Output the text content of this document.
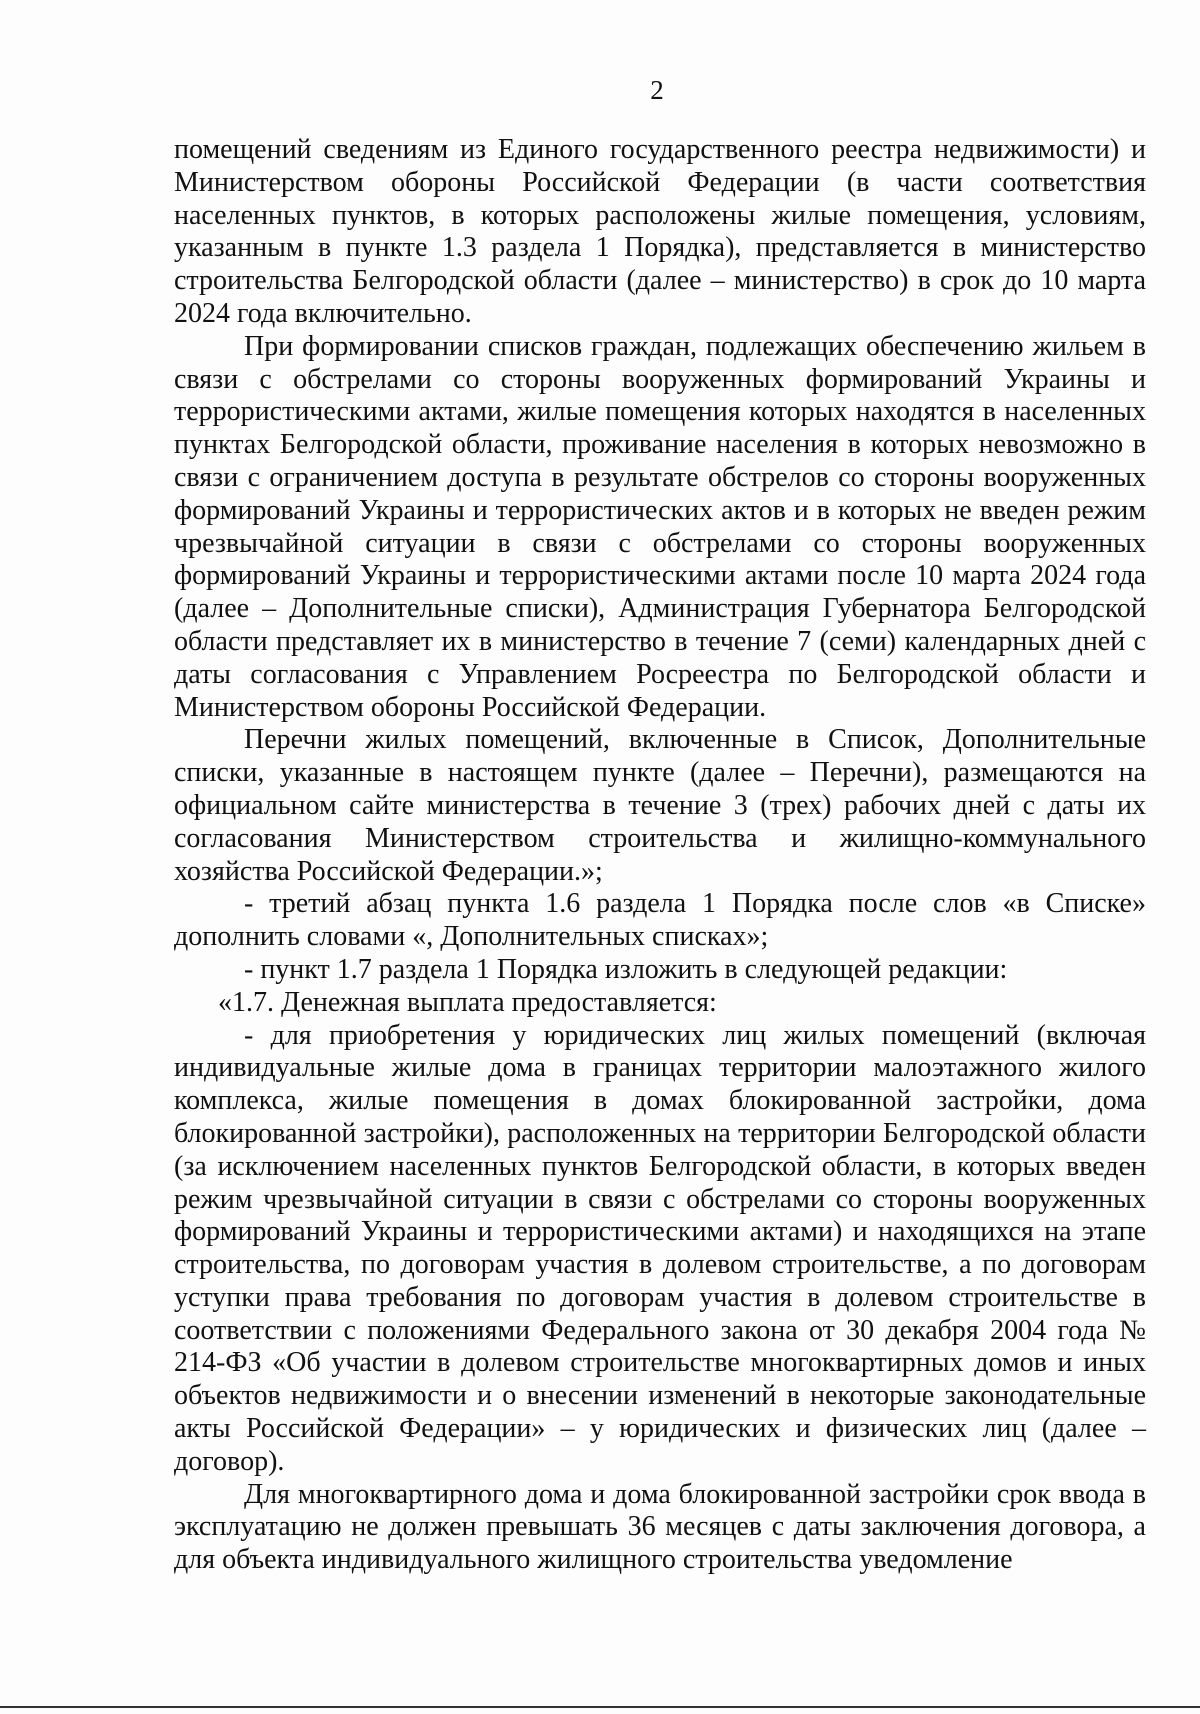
2

помещений сведениям из Единого государственного реестра недвижимости) и Министерством обороны Российской Федерации (в части соответствия населенных пунктов, в которых расположены жилые помещения, условиям, указанным в пункте 1.3 раздела 1 Порядка), представляется в министерство строительства Белгородской области (далее – министерство) в срок до 10 марта 2024 года включительно.

При формировании списков граждан, подлежащих обеспечению жильем в связи с обстрелами со стороны вооруженных формирований Украины и террористическими актами, жилые помещения которых находятся в населенных пунктах Белгородской области, проживание населения в которых невозможно в связи с ограничением доступа в результате обстрелов со стороны вооруженных формирований Украины и террористических актов и в которых не введен режим чрезвычайной ситуации в связи с обстрелами со стороны вооруженных формирований Украины и террористическими актами после 10 марта 2024 года (далее – Дополнительные списки), Администрация Губернатора Белгородской области представляет их в министерство в течение 7 (семи) календарных дней с даты согласования с Управлением Росреестра по Белгородской области и Министерством обороны Российской Федерации.

Перечни жилых помещений, включенные в Список, Дополнительные списки, указанные в настоящем пункте (далее – Перечни), размещаются на официальном сайте министерства в течение 3 (трех) рабочих дней с даты их согласования Министерством строительства и жилищно-коммунального хозяйства Российской Федерации.»;

- третий абзац пункта 1.6 раздела 1 Порядка после слов «в Списке» дополнить словами «, Дополнительных списках»;

- пункт 1.7 раздела 1 Порядка изложить в следующей редакции:

«1.7. Денежная выплата предоставляется:

- для приобретения у юридических лиц жилых помещений (включая индивидуальные жилые дома в границах территории малоэтажного жилого комплекса, жилые помещения в домах блокированной застройки, дома блокированной застройки), расположенных на территории Белгородской области (за исключением населенных пунктов Белгородской области, в которых введен режим чрезвычайной ситуации в связи с обстрелами со стороны вооруженных формирований Украины и террористическими актами) и находящихся на этапе строительства, по договорам участия в долевом строительстве, а по договорам уступки права требования по договорам участия в долевом строительстве в соответствии с положениями Федерального закона от 30 декабря 2004 года № 214-ФЗ «Об участии в долевом строительстве многоквартирных домов и иных объектов недвижимости и о внесении изменений в некоторые законодательные акты Российской Федерации» – у юридических и физических лиц (далее – договор).

Для многоквартирного дома и дома блокированной застройки срок ввода в эксплуатацию не должен превышать 36 месяцев с даты заключения договора, а для объекта индивидуального жилищного строительства уведомление
